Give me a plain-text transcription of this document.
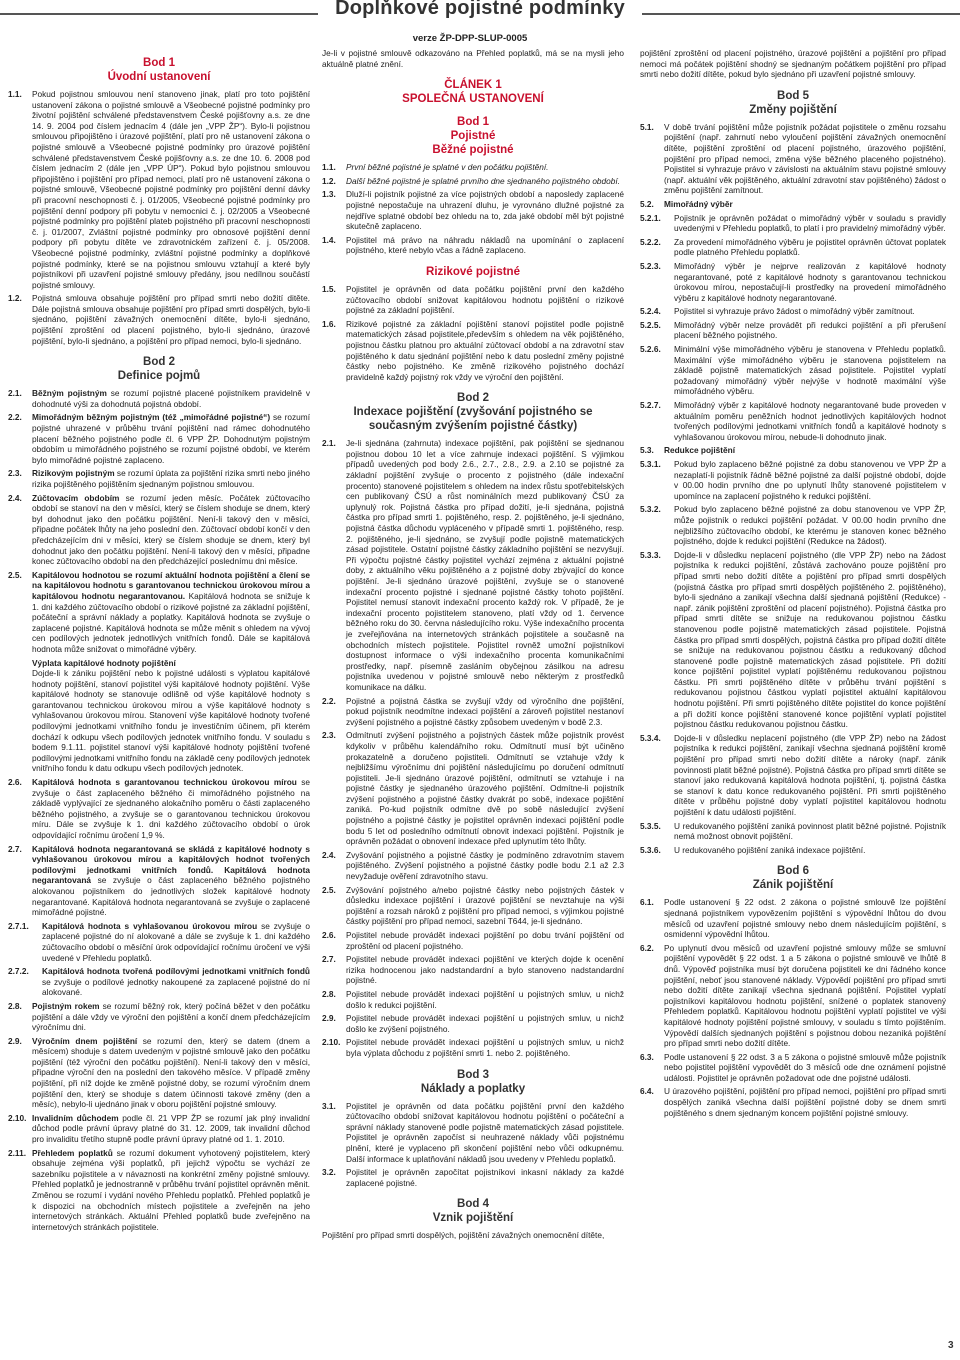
Doplňkové pojistné podmínky
verze ŽP-DPP-SLUP-0005
Bod 1
Úvodní ustanovení
1.1.	Pokud pojistnou smlouvou není stanoveno jinak, platí pro toto pojištění ustanovení zákona o pojistné smlouvě a Všeobecné pojistné podmínky pro životní pojištění schválené představenstvem České pojišťovny a.s. ze dne 14. 9. 2004 pod číslem jednacím 4 (dále jen „VPP ŽP“). Bylo-li pojistnou smlouvou připojištěno i úrazové pojištění, platí pro ně ustanovení zákona o pojistné smlouvě a Všeobecné pojistné podmínky pro úrazové pojištění schválené představenstvem České pojišťovny a.s. ze dne 10. 6. 2008 pod číslem jednacím 2 (dále jen „VPP ÚP“). Pokud bylo pojistnou smlouvou připojištěno i pojištění pro případ nemoci, platí pro ně ustanovení zákona o pojistné smlouvě, Všeobecné pojistné podmínky pro pojištění denní dávky při pracovní neschopnosti č. j. 01/2005, Všeobecné pojistné podmínky pro pojištění denní podpory při pobytu v nemocnici č. j. 02/2005 a Všeobecné pojistné podmínky pro pojištění plateb pojistného při pracovní neschopnosti č. j. 01/2007, Zvláštní pojistné podmínky pro obnosové pojištění denní podpory při pobytu dítěte ve zdravotnickém zařízení č. j. 05/2008. Všeobecné pojistné podmínky, zvláštní pojistné podmínky a doplňkové pojistné podmínky, které se na pojistnou smlouvu vztahují a které byly pojistníkovi při uzavření pojistné smlouvy předány, jsou nedílnou součástí pojistné smlouvy.
1.2.	Pojistná smlouva obsahuje pojištění pro případ smrti nebo dožití ditěte. Dále pojistná smlouva obsahuje pojištění pro případ smrti dospělých, bylo-li sjednáno, pojištění závažných onemocnění dítěte, bylo-li sjednáno, pojištění zproštění od placení pojistného, bylo-li sjednáno, úrazové pojištění, bylo-li sjednáno, a pojištění pro případ nemoci, bylo-li sjednáno.
Bod 2
Definice pojmů
2.1.	Běžným pojistným se rozumí pojistné placené pojistníkem pravidelně v dohodnuté výši za dohodnutá pojistná období.
2.2.	Mimořádným běžným pojistným (též „mimořádné pojistné“) se rozumí pojistné uhrazené v průběhu trvání pojištění nad rámec dohodnutého placení běžného pojistného podle čl. 6 VPP ŽP. Dohodnutým pojistným obdobím u mimořádného pojistného se rozumí pojistné období, ve kterém bylo mimořádné pojistné zaplaceno.
2.3.	Rizikovým pojistným se rozumí úplata za pojištění rizika smrti nebo jiného rizika pojištěného pojištěním sjednaným pojistnou smlouvou.
2.4.	Zúčtovacím obdobím se rozumí jeden měsíc. Počátek zúčtovacího období se stanoví na den v měsíci, který se číslem shoduje se dnem, který byl dohodnut jako den počátku pojištění. Není-li takový den v měsíci, připadne počátek lhůty na jeho poslední den. Zúčtovací období končí v den předcházejícím dni v měsíci, který se číslem shoduje se dnem, který byl dohodnut jako den počátku pojištění. Není-li takový den v měsíci, připadne konec zúčtovacího období na den předcházející poslednímu dni měsíce.
2.5.	Kapitálovou hodnotou se rozumí aktuální hodnota pojištění a člení se na kapitálovou hodnotu s garantovanou technickou úrokovou mírou a kapitálovou hodnotu negarantovanou. Kapitálová hodnota se snižuje k 1. dni každého zúčtovacího období o rizikové pojistné za základní pojištění, počáteční a správní náklady a poplatky. Kapitálová hodnota se zvyšuje o zaplacené pojistné. Kapitálová hodnota se může měnit s ohledem na vývoj cen podílových jednotek jednotlivých vnitřních fondů. Dále se kapitálová hodnota může snižovat o mimořádné výběry.
Výplata kapitálové hodnoty pojištění
Dojde-li k zániku pojištění nebo k pojistné události s výplatou kapitálové hodnoty pojištění, stanoví pojistitel výši kapitálové hodnoty pojištění. Výše kapitálové hodnoty se stanovuje odlišně od výše kapitálové hodnoty s garantovanou technickou úrokovou mírou a výše kapitálové hodnoty s vyhlašovanou úrokovou mírou. Stanovení výše kapitálové hodnoty tvořené podílovými jednotkami vnitřního fondu je investičním účinem, při kterém dochází k odkupu všech podílových jednotek vnitřního fondu. V souladu s bodem 9.1.11. pojistitel stanoví výši kapitálové hodnoty pojištění tvořené podílovými jednotkami vnitřního fondu na základě ceny podílových jednotek vnitřního fondu k datu odkupu všech podílových jednotek.
2.6.	Kapitálová hodnota s garantovanou technickou úrokovou mírou se zvyšuje o část zaplaceného běžného či mimořádného pojistného na základě vyplývající ze sjednaného alokačního poměru o části zaplaceného běžného pojistného, a zvyšuje se o garantovanou technickou úrokovou míru. Dále se zvyšuje k 1. dni každého zúčtovacího období o úrok odpovídající ročnímu úročení 1,9 %.
2.7.	Kapitálová hodnota negarantovaná se skládá z kapitálové hodnoty s vyhlašovanou úrokovou mírou a kapitálových hodnot tvořených podílovými jednotkami vnitřních fondů. Kapitálová hodnota negarantovaná se zvyšuje o část zaplaceného běžného pojistného alokovanou pojistníkem do jednotlivých složek kapitálové hodnoty negarantované. Kapitálová hodnota negarantovaná se zvyšuje o zaplacené mimořádné pojistné.
2.7.1.	Kapitálová hodnota s vyhlašovanou úrokovou mírou se zvyšuje o zaplacené pojistné do ní alokované a dále se zvyšuje k 1. dni každého zúčtovacího období o měsíční úrok odpovídající ročnímu úročení ve výši uvedené v Přehledu poplatků.
2.7.2.	Kapitálová hodnota tvořená podílovými jednotkami vnitřních fondů se zvyšuje o podílové jednotky nakoupené za zaplacené pojistné do ní alokované.
2.8.	Pojistným rokem se rozumí běžný rok, který počíná běžet v den počátku pojištění a dále vždy ve výroční den pojištění a končí dnem předcházejícím výročnímu dni.
2.9.	Výročním dnem pojištění se rozumí den, který se datem (dnem a měsícem) shoduje s datem uvedeným v pojistné smlouvě jako den počátku pojištění (též výroční den počátku pojištění). Není-li takový den v měsíci, připadne výroční den na poslední den takového měsíce. V případě změny pojištění, při níž dojde ke změně pojistné doby, se rozumí výročním dnem pojištění den, který se shoduje s datem účinnosti takové změny (den a měsíc), nebylo-li ujednáno jinak v oboru pojištění pojistné smlouvy.
2.10. Invalidním důchodem podle čl. 21 VPP ŽP se rozumí jak plný invalidní důchod podle právní úpravy platné do 31. 12. 2009, tak invalidní důchod pro invaliditu třetího stupně podle právní úpravy platné od 1. 1. 2010.
2.11. Přehledem poplatků se rozumí dokument vyhotovený pojistitelem, který obsahuje zejména výši poplatků, při jejichž výpočtu se vychází ze sazebníku pojistitele a v návaznosti na konkrétní změny pojistné smlouvy. Přehled poplatků je jednostranně v průběhu trvání pojistitel oprávněn měnit. Změnou se rozumí i vydání nového Přehledu poplatků. Přehled poplatků je k dispozici na obchodních místech pojistitele a zveřejněn na jeho internetových stránkách. Aktuální Přehled poplatků bude zveřejněno na internetových stránkách pojistitele.

Je-li v pojistné smlouvě odkazováno na Přehled poplatků, má se na mysli jeho aktuálně platné znění.

ČLÁNEK 1
SPOLEČNÁ USTANOVENÍ
Bod 1
Pojistné
Běžné pojistné
1.1.	První běžné pojistné je splatné v den počátku pojištění.
1.2.	Další běžné pojistné je splatné prvního dne sjednaného pojistného období.
1.3.	Dluží-li pojistník pojistné za více pojistných období a naposledy zaplacené pojistné nepostačuje na uhrazení dluhu, je vyrovnáno dlužné pojistné za nejdříve splatné období bez ohledu na to, zda jaké období měl být pojistné skutečně zaplaceno.
1.4.	Pojistitel má právo na náhradu nákladů na upomínání o zaplacení pojistného, které nebylo včas a řádně zaplaceno.
Rizikové pojistné
1.5.	Pojistitel je oprávněn od data počátku pojištění první den každého zúčtovacího období snižovat kapitálovou hodnotu pojištění o rizikové pojistné za základní pojištění.
1.6.	Rizikové pojistné za základní pojištění stanoví pojistitel podle pojistně matematických zásad pojistitele,především s ohledem na věk pojištěného, pojistnou částku platnou pro aktuální zúčtovací období a na zdravotní stav pojištěného k datu sjednání pojištění nebo k datu poslední změny pojistné částky nebo pojistného. Ke změně rizikového pojistného dochází pravidelně každý pojistný rok vždy ve výroční den pojištění.
Bod 2
Indexace pojištění (zvyšování pojistného se současným zvýšením pojistné částky)
2.1.	Je-li sjednána (zahrnuta) indexace pojištění, pak pojištění se sjednanou pojistnou dobou 10 let a více zahrnuje indexaci pojištění. S výjimkou případů uvedených pod body 2.6., 2.7., 2.8., 2.9. a 2.10 se pojistné za základní pojištění zvyšuje o procento z pojistného (dále indexační procento) stanovené pojistitelem s ohledem na index růstu spotřebitelských cen publikovaný ČSÚ a růst nominálních mezd publikovaný ČSÚ za uplynulý rok. Pojistná částka pro případ dožití, je-li sjednána, pojistná částka pro případ smrti 1. pojištěného, resp. 2. pojištěného, je-li sjednáno, pojistná částka důchodu vypláceného v případě smrti 1. pojištěného, resp. 2. pojištěného, je-li sjednáno, se zvyšují podle pojistně matematických zásad pojistitele. Ostatní pojistné částky základního pojištění se nezvyšují. Při výpočtu pojistné částky pojistitel vychází zejména z aktuální pojistné doby, z aktuálního věku pojištěného a z pojistné doby zbývající do konce pojištění. Je-li sjednáno úrazové pojištění, zvyšuje se o stanovené indexační procento pojistné i sjednané pojistné částky tohoto pojištění. Pojistitel nemusí stanovit indexační procento každý rok. V případě, že je indexační procento pojistitelem stanoveno, platí vždy od 1. července běžného roku do 30. června následujícího roku. Výše indexačního procenta je zveřejňována na internetových stránkách pojistitele a současně na obchodních místech pojistitele. Pojistitel rovněž umožní pojistníkovi dostupnost informace o výši indexačního procenta komunikačními prostředky, např. písemně zasláním obyčejnou zásilkou na adresu pojistníka uvedenou v pojistné smlouvě nebo některým z prostředků komunikace na dálku.
2.2.	Pojistné a pojistná částka se zvyšují vždy od výročního dne pojištění, pokud pojistník neodmítne indexaci pojištění a zároveň pojistitel nestanoví zvýšení pojistného a pojistné částky způsobem uvedeným v bodě 2.3.
2.3.	Odmítnutí zvýšení pojistného a pojistných částek může pojistník provést kdykoliv v průběhu kalendářního roku. Odmítnutí musí být učiněno prokazatelně a doručeno pojistiteli. Odmítnutí se vztahuje vždy k nejbližšímu výročnímu dni pojištění následujícímu po doručení odmítnutí pojistiteli. Je-li sjednáno úrazové pojištění, odmítnutí se vztahuje i na pojistné částky je sjednaného úrazového pojištění. Odmítne-li pojistník zvýšení pojistného a pojistné částky dvakrát po sobě, indexace pojištění zaniká. Po-kud pojistník odmítne dvě po sobě následující zvýšení pojistného a pojistné částky je pojistitel oprávněn indexaci pojištění podle bodu 5 let od posledního odmítnutí obnovit indexaci pojištění. Pojistník je oprávněn požádat o obnovení indexace před uplynutím této lhůty.
2.4.	Zvyšování pojistného a pojistné částky je podmíněno zdravotním stavem pojištěného. Zvýšení pojistného a pojistné částky podle bodu 2.1 až 2.3 nevyžaduje ověření zdravotního stavu.
2.5.	Zvýšování pojistného a/nebo pojistné částky nebo pojistných částek v důsledku indexace pojištění i úrazové pojištění se nevztahuje na výši pojištění a rozsah nároků z pojištění pro případ nemoci, s výjimkou pojistné částky pojištění pro případ nemoci, sazební T644, je-li sjednáno.
2.6.	Pojistitel nebude provádět indexaci pojištění po dobu trvání pojištění od zproštění od placení pojistného.
2.7.	Pojistitel nebude provádět indexaci pojištění ve kterých dojde k ocenění rizika hodnocenou jako nadstandardní a bylo stanoveno nadstandardní pojistné.
2.8.	Pojistitel nebude provádět indexaci pojištění u pojistných smluv, u nichž došlo k redukci pojištění.
2.9.	Pojistitel nebude provádět indexaci pojištění u pojistných smluv, u nichž došlo ke zvýšení pojistného.
2.10. Pojistitel nebude provádět indexaci pojištění u pojistných smluv, u nichž byla výplata důchodu z pojištění smrti 1. nebo 2. pojištěného.
Bod 3
Náklady a poplatky
3.1.	Pojistitel je oprávněn od data počátku pojištění první den každého zúčtovacího období snižovat kapitálovou hodnotu pojištění o počáteční a správní náklady stanovené podle pojistně matematických zásad pojistitele. Pojistitel je oprávněn započíst si neuhrazené náklady vůči pojistnému plnění, které je vyplaceno při skončení pojištění nebo vůči odkupnému. Další informace k uplatňování nákladů jsou uvedeny v Přehledu poplatků.
3.2.	Pojistitel je oprávněn započítat pojistníkovi inkasní náklady za každé zaplacené pojistné.
Bod 4
Vznik pojištění

Pojištění pro případ smrti dospělých, pojištění závažných onemocnění dítěte,

pojištění zproštění od placení pojistného, úrazové pojištění a pojištění pro případ nemoci má počátek pojištění shodný se sjednaným počátkem pojištění pro případ smrti nebo dožití dítěte, pokud bylo sjednáno při uzavření pojistné smlouvy.

Bod 5
Změny pojištění
5.1.	V době trvání pojištění může pojistník požádat pojistitele o změnu rozsahu pojištění (např. zahrnutí nebo vyloučení pojištění závažných onemocnění dítěte, pojištění zproštění od placení pojistného, úrazového pojištění, pojištění pro případ nemoci, změna výše běžného placeného pojistného). Pojistitel si vyhrazuje právo v závislosti na aktuálním stavu pojistné smlouvy (např. aktuální věk pojištěného, aktuální zdravotní stav pojištěného) žádost o změnu pojištění zamítnout.
5.2.	Mimořádný výběr
5.2.1.	Pojistník je oprávněn požádat o mimořádný výběr v souladu s pravidly uvedenými v Přehledu poplatků, to platí i pro pravidelný mimořádný výběr.
5.2.2.	Za provedení mimořádného výběru je pojistitel oprávněn účtovat poplatek podle platného Přehledu poplatků.
5.2.3.	Mimořádný výběr je nejprve realizován z kapitálové hodnoty negarantované, poté z kapitálové hodnoty s garantovanou technickou úrokovou mírou, nepostačují-li prostředky na provedení mimořádného výběru z kapitálové hodnoty negarantované.
5.2.4.	Pojistitel si vyhrazuje právo žádost o mimořádný výběr zamítnout.
5.2.5.	Mimořádný výběr nelze provádět při redukci pojištění a při přerušení placení běžného pojistného.
5.2.6.	Minimální výše mimořádného výběru je stanovena v Přehledu poplatků. Maximální výše mimořádného výběru je stanovena pojistitelem na základě pojistně matematických zásad pojistitele. Pojistitel vyplatí požadovaný mimořádný výběr nejvýše v hodnotě maximální výše mimořádného výběru.
5.2.7.	Mimořádný výběr z kapitálové hodnoty negarantované bude proveden v aktuálním poměru peněžních hodnot jednotlivých kapitálových hodnot tvořených podílovými jednotkami vnitřních fondů a kapitálové hodnoty s vyhlašovanou úrokovou mírou, nebude-li dohodnuto jinak.
5.3.	Redukce pojištění
5.3.1.	Pokud bylo zaplaceno běžné pojistné za dobu stanovenou ve VPP ŽP a nezaplatí-li pojistník řádně běžné pojistné za další pojistné období, dojde v 00.00 hodin prvního dne po uplynutí lhůty stanovené pojistitelem v upomínce na zaplacení pojistného k redukci pojištění.
5.3.2.	Pokud bylo zaplaceno běžné pojistné za dobu stanovenou ve VPP ŽP, může pojistník o redukci pojištění požádat. V 00.00 hodin prvního dne nejbližšího zúčtovacího období, ke kterému je stanoven konec běžného pojistného, dojde k redukci pojištění (Redukce na žádost).
5.3.3.	Dojde-li v důsledku neplacení pojistného (dle VPP ŽP) nebo na žádost pojistníka k redukci pojištění, zůstává zachováno pouze pojištění pro případ smrti nebo dožití dítěte a pojištění pro případ smrti dospělých (pojistná částka pro případ smrti dospělých pojištěného 2. pojištěného), bylo-li sjednáno a zanikají všechna další sjednaná pojištění (Redukce) - např. zánik pojištění zproštění od placení pojistného). Pojistná částka pro případ smrti dítěte se snižuje na redukovanou pojistnou částku stanovenou podle pojistně matematických zásad pojistitele. Pojistná částka pro případ smrti dospělých, pojistná částka pro případ dožití dítěte se snižuje na redukovanou pojistnou částku a redukovaný důchod stanovené podle pojistně matematických zásad pojistitele. Při dožití konce pojištění pojistitel vyplatí pojištěnému redukovanou pojistnou částku. Při smrti pojištěného dítěte v průběhu trvání pojištění s redukovanou pojistnou částkou vyplatí pojistitel aktuální kapitálovou hodnotu pojištění. Při smrti pojištěného dítěte pojistitel do konce pojištění a při dožití konce pojištění stanovené konce pojištění vyplatí pojistitel pojistnou částku redukovanou pojistnou částku.
5.3.4.	Dojde-li v důsledku neplacení pojistného (dle VPP ŽP) nebo na žádost pojistníka k redukci pojištění, zanikají všechna sjednaná pojištění kromě pojištění pro případ smrti nebo dožití dítěte a nároky (např. zánik povinnosti platit běžné pojistné). Pojistná částka pro případ smrti dítěte se stanoví jako redukovaná kapitálová hodnota pojištění, tj. pojistná částka se stanoví k datu konce redukovaného pojištění. Při smrti pojištěného dítěte v průběhu pojistné doby vyplatí pojistitel kapitálovou hodnotu pojištění k datu události pojištění.
5.3.5.	U redukovaného pojištění zaniká povinnost platit běžné pojistné. Pojistník nemá možnost obnovit pojištění.
5.3.6.	U redukovaného pojištění zaniká indexace pojištění.
Bod 6
Zánik pojištění
6.1.	Podle ustanovení § 22 odst. 2 zákona o pojistné smlouvě lze pojištění sjednaná pojistníkem vypovězením pojištění s výpovědní lhůtou do dvou měsíců od uzavření pojistné smlouvy nebo dnem následujícím pojištění, s osmidenní výpovědní lhůtou.
6.2.	Po uplynutí dvou měsíců od uzavření pojistné smlouvy může se smluvní pojištění vypovědět § 22 odst. 1 a 5 zákona o pojistné smlouvě ve lhůtě 8 dnů. Výpověď pojistníka musí být doručena pojistiteli ke dni řádného konce pojištění, neboť jsou stanovené náklady. Výpovědí pojištění pro případ smrti nebo dožití dítěte zanikají všechna sjednaná pojištění. Pojistitel vyplatí pojistníkovi kapitálovou hodnotu pojištění, snížené o poplatek stanovený Přehledem poplatků. Kapitálovou hodnotu pojištění vyplatí pojistitel ve výši kapitálové hodnoty pojištění pojistné smlouvy, v souladu s tímto pojištěním. Výpovědí dalších sjednaných pojištění s pojistnou dobou nezaniká pojištění pro případ smrti nebo dožití dítěte.
6.3.	Podle ustanovení § 22 odst. 3 a 5 zákona o pojistné smlouvě může pojistník nebo pojistitel pojištění vypovědět do 3 měsíců ode dne oznámení pojistné události. Pojistitel je oprávněn požadovat ode dne pojistné události.
6.4.	U úrazového pojištění, pojištění pro případ nemoci, pojištění pro případ smrti dospělých zaniká všechna další pojištění pojistné doby se dnem smrti pojištěného s dnem sjednaným koncem pojištění pojistné smlouvy.
3
